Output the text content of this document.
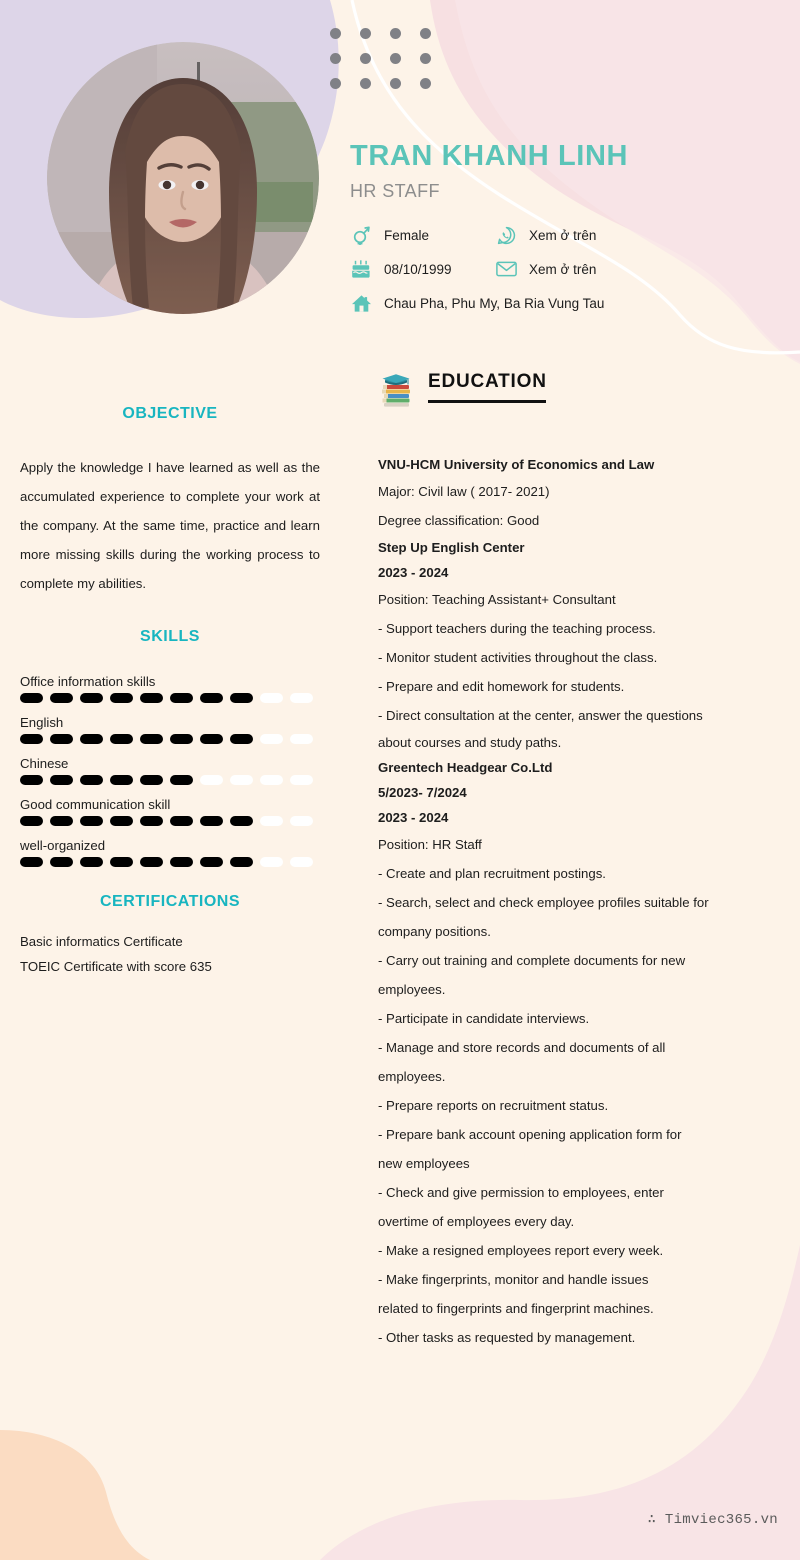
TRAN KHANH LINH
HR STAFF
Female	Xem ở trên
08/10/1999	Xem ở trên
Chau Pha, Phu My, Ba Ria Vung Tau
OBJECTIVE
Apply the knowledge I have learned as well as the accumulated experience to complete your work at the company. At the same time, practice and learn more missing skills during the working process to complete my abilities.
SKILLS
Office information skills
English
Chinese
Good communication skill
well-organized
CERTIFICATIONS
Basic informatics Certificate
TOEIC Certificate with score 635
EDUCATION
VNU-HCM University of Economics and Law
Major: Civil law ( 2017- 2021)
Degree classification: Good
Step Up English Center
2023 - 2024
Position: Teaching Assistant+ Consultant
- Support teachers during the teaching process.
- Monitor student activities throughout the class.
- Prepare and edit homework for students.
- Direct consultation at the center, answer the questions
about courses and study paths.
Greentech Headgear Co.Ltd
5/2023- 7/2024
2023 - 2024
Position: HR Staff
- Create and plan recruitment postings.
- Search, select and check employee profiles suitable for
company positions.
- Carry out training and complete documents for new
employees.
- Participate in candidate interviews.
- Manage and store records and documents of all
employees.
- Prepare reports on recruitment status.
- Prepare bank account opening application form for
new employees
- Check and give permission to employees, enter
overtime of employees every day.
- Make a resigned employees report every week.
- Make fingerprints, monitor and handle issues
related to fingerprints and fingerprint machines.
- Other tasks as requested by management.
∴ Timviec365.vn
